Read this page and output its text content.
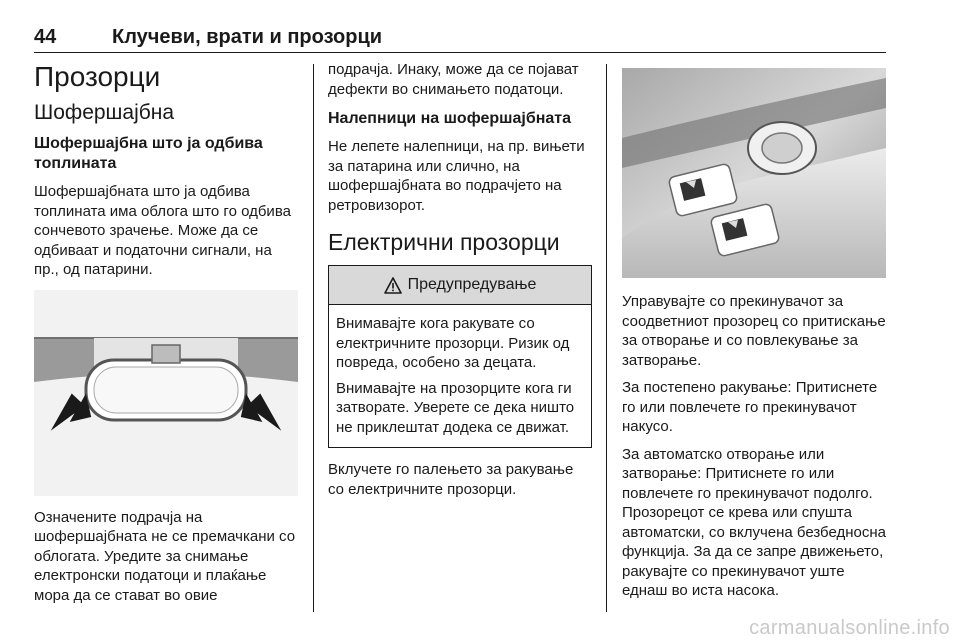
44	Клучеви, врати и прозорци
Прозорци
Шофершајбна
Шофершајбна што ја одбива топлината

Шофершајбната што ја одбива топлината има облога што го одбива сончевото зрачење. Може да се одбиваат и податочни сигнали, на пр., од патарини.

Означените подрачја на шофершајбната не се премачкани со облогата. Уредите за снимање електронски податоци и плаќање мора да се стават во овие

подрачја. Инаку, може да се појават дефекти во снимањето податоци.

Налепници на шофершајбната

Не лепете налепници, на пр. вињети за патарина или слично, на шофершајбната во подрачјето на ретровизорот.

Електрични прозорци
Предупредување

Внимавајте кога ракувате со електричните прозорци. Ризик од повреда, особено за децата.

Внимавајте на прозорците кога ги затворате. Уверете се дека ништо не приклештат додека се движат.

Вклучете го палењето за ракување со електричните прозорци.

Управувајте со прекинувачот за соодветниот прозорец со притискање за отворање и со повлекување за затворање.

За постепено ракување: Притиснете го или повлечете го прекинувачот накусо.

За автоматско отворање или затворање: Притиснете го или повлечете го прекинувачот подолго. Прозорецот се крева или спушта автоматски, со вклучена безбедносна функција. За да се запре движењето, ракувајте со прекинувачот уште еднаш во иста насока.

carmanualsonline.info
